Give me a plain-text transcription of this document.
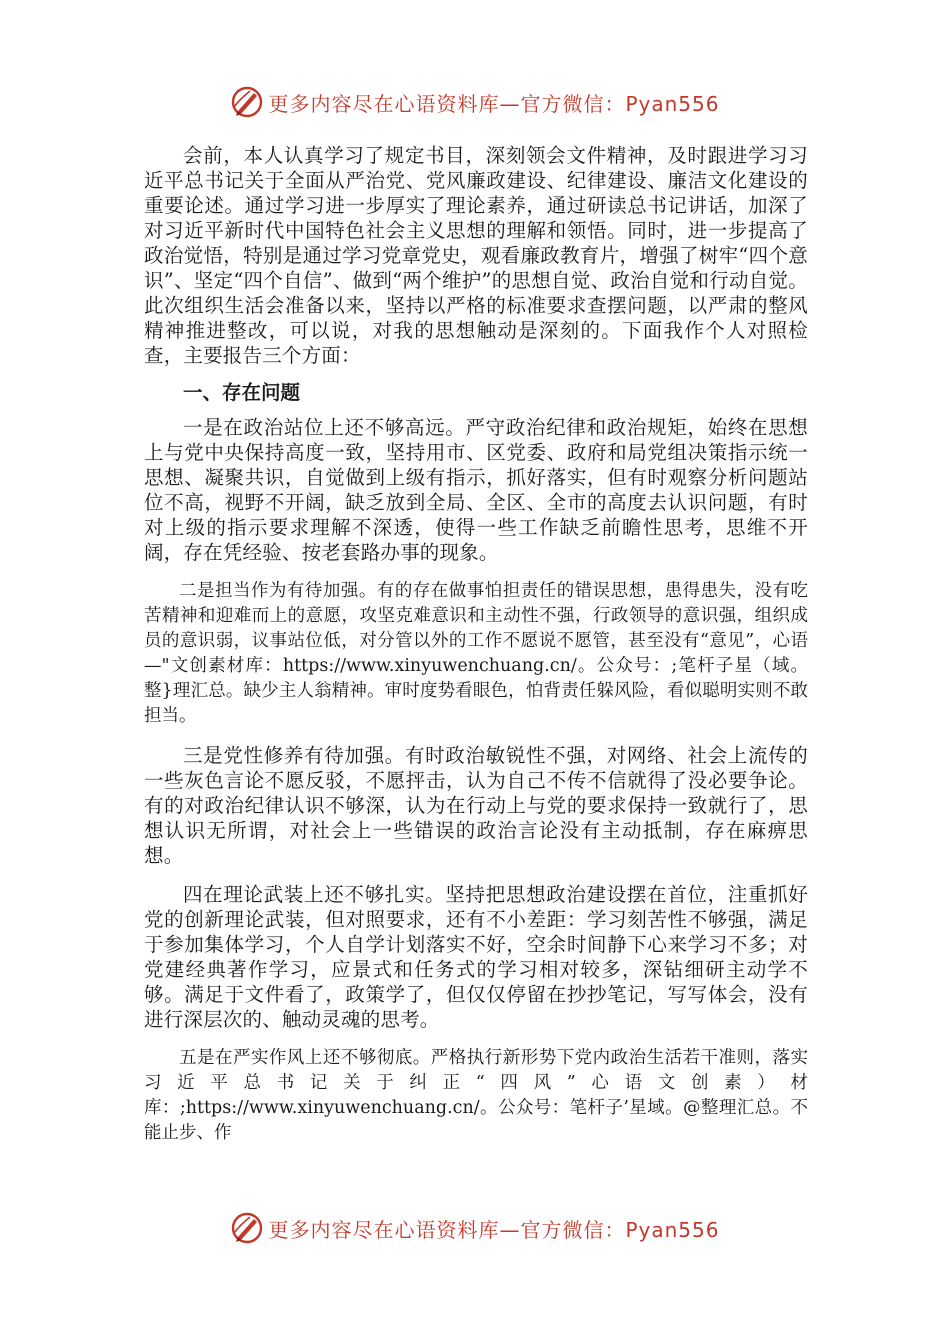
更多内容尽在心语资料库—官方微信：Pyan556

会前，本人认真学习了规定书目，深刻领会文件精神，及时跟进学习习近平总书记关于全面从严治党、党风廉政建设、纪律建设、廉洁文化建设的重要论述。通过学习进一步厚实了理论素养，通过研读总书记讲话，加深了对习近平新时代中国特色社会主义思想的理解和领悟。同时，进一步提高了政治觉悟，特别是通过学习党章党史，观看廉政教育片，增强了树牢“四个意识”、坚定“四个自信”、做到“两个维护”的思想自觉、政治自觉和行动自觉。此次组织生活会准备以来，坚持以严格的标准要求查摆问题，以严肃的整风精神推进整改，可以说，对我的思想触动是深刻的。下面我作个人对照检查，主要报告三个方面：

一、存在问题

一是在政治站位上还不够高远。严守政治纪律和政治规矩，始终在思想上与党中央保持高度一致，坚持用市、区党委、政府和局党组决策指示统一思想、凝聚共识，自觉做到上级有指示，抓好落实，但有时观察分析问题站位不高，视野不开阔，缺乏放到全局、全区、全市的高度去认识问题，有时对上级的指示要求理解不深透，使得一些工作缺乏前瞻性思考，思维不开阔，存在凭经验、按老套路办事的现象。

二是担当作为有待加强。有的存在做事怕担责任的错误思想，患得患失，没有吃苦精神和迎难而上的意愿，攻坚克难意识和主动性不强，行政领导的意识强，组织成员的意识弱，议事站位低，对分管以外的工作不愿说不愿管，甚至没有“意见”，心语—"文创素材库：https://www.xinyuwenchuang.cn/。公众号：;笔杆子星（域。整}理汇总。缺少主人翁精神。审时度势看眼色，怕背责任躲风险，看似聪明实则不敢担当。

三是党性修养有待加强。有时政治敏锐性不强，对网络、社会上流传的一些灰色言论不愿反驳，不愿抨击，认为自己不传不信就得了没必要争论。有的对政治纪律认识不够深，认为在行动上与党的要求保持一致就行了，思想认识无所谓，对社会上一些错误的政治言论没有主动抵制，存在麻痹思想。

四在理论武装上还不够扎实。坚持把思想政治建设摆在首位，注重抓好党的创新理论武装，但对照要求，还有不小差距：学习刻苦性不够强，满足于参加集体学习，个人自学计划落实不好，空余时间静下心来学习不多；对党建经典著作学习，应景式和任务式的学习相对较多，深钻细研主动学不够。满足于文件看了，政策学了，但仅仅停留在抄抄笔记，写写体会，没有进行深层次的、触动灵魂的思考。

五是在严实作风上还不够彻底。严格执行新形势下党内政治生活若干准则，落实习近平总书记关于纠正“四风”心语文创素）材库：;https://www.xinyuwenchuang.cn/。公众号：笔杆子’星域。@整理汇总。不能止步、作

更多内容尽在心语资料库—官方微信：Pyan556
